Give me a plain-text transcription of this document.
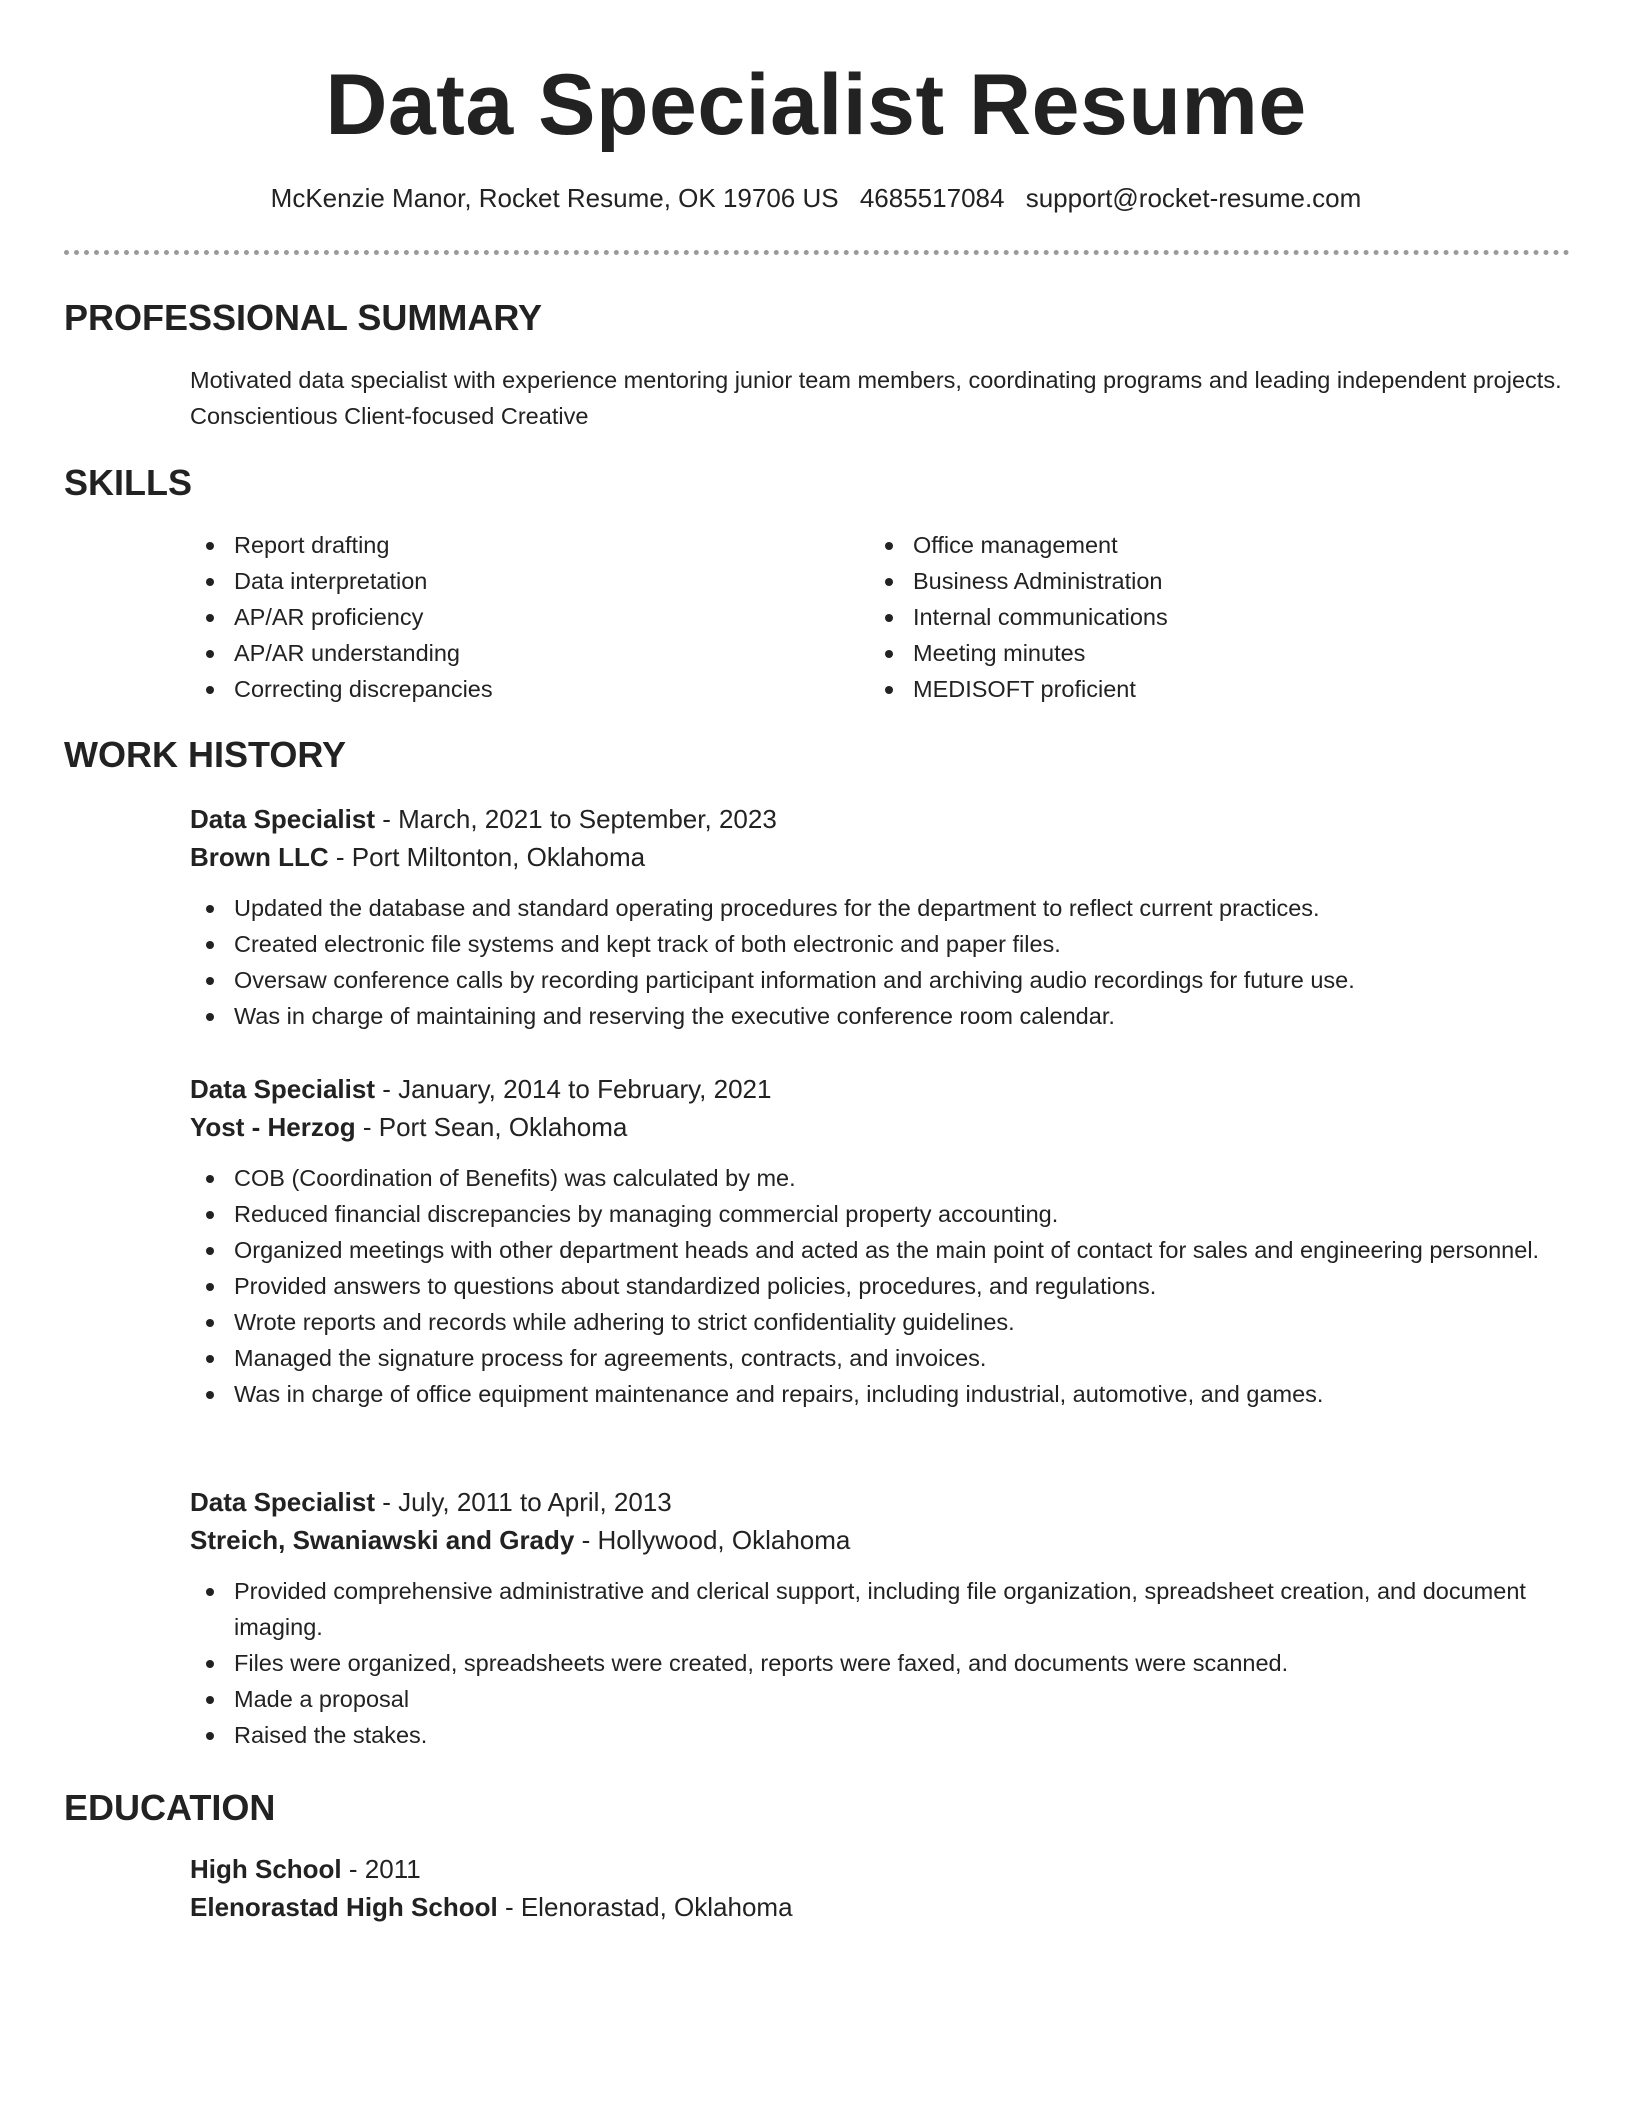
Data Specialist Resume
McKenzie Manor, Rocket Resume, OK 19706 US 4685517084 support@rocket-resume.com
PROFESSIONAL SUMMARY
Motivated data specialist with experience mentoring junior team members, coordinating programs and leading independent projects. Conscientious Client-focused Creative
SKILLS
Report drafting
Data interpretation
AP/AR proficiency
AP/AR understanding
Correcting discrepancies
Office management
Business Administration
Internal communications
Meeting minutes
MEDISOFT proficient
WORK HISTORY
Data Specialist - March, 2021 to September, 2023
Brown LLC - Port Miltonton, Oklahoma
Updated the database and standard operating procedures for the department to reflect current practices.
Created electronic file systems and kept track of both electronic and paper files.
Oversaw conference calls by recording participant information and archiving audio recordings for future use.
Was in charge of maintaining and reserving the executive conference room calendar.
Data Specialist - January, 2014 to February, 2021
Yost - Herzog - Port Sean, Oklahoma
COB (Coordination of Benefits) was calculated by me.
Reduced financial discrepancies by managing commercial property accounting.
Organized meetings with other department heads and acted as the main point of contact for sales and engineering personnel.
Provided answers to questions about standardized policies, procedures, and regulations.
Wrote reports and records while adhering to strict confidentiality guidelines.
Managed the signature process for agreements, contracts, and invoices.
Was in charge of office equipment maintenance and repairs, including industrial, automotive, and games.
Data Specialist - July, 2011 to April, 2013
Streich, Swaniawski and Grady - Hollywood, Oklahoma
Provided comprehensive administrative and clerical support, including file organization, spreadsheet creation, and document imaging.
Files were organized, spreadsheets were created, reports were faxed, and documents were scanned.
Made a proposal
Raised the stakes.
EDUCATION
High School - 2011
Elenorastad High School - Elenorastad, Oklahoma
